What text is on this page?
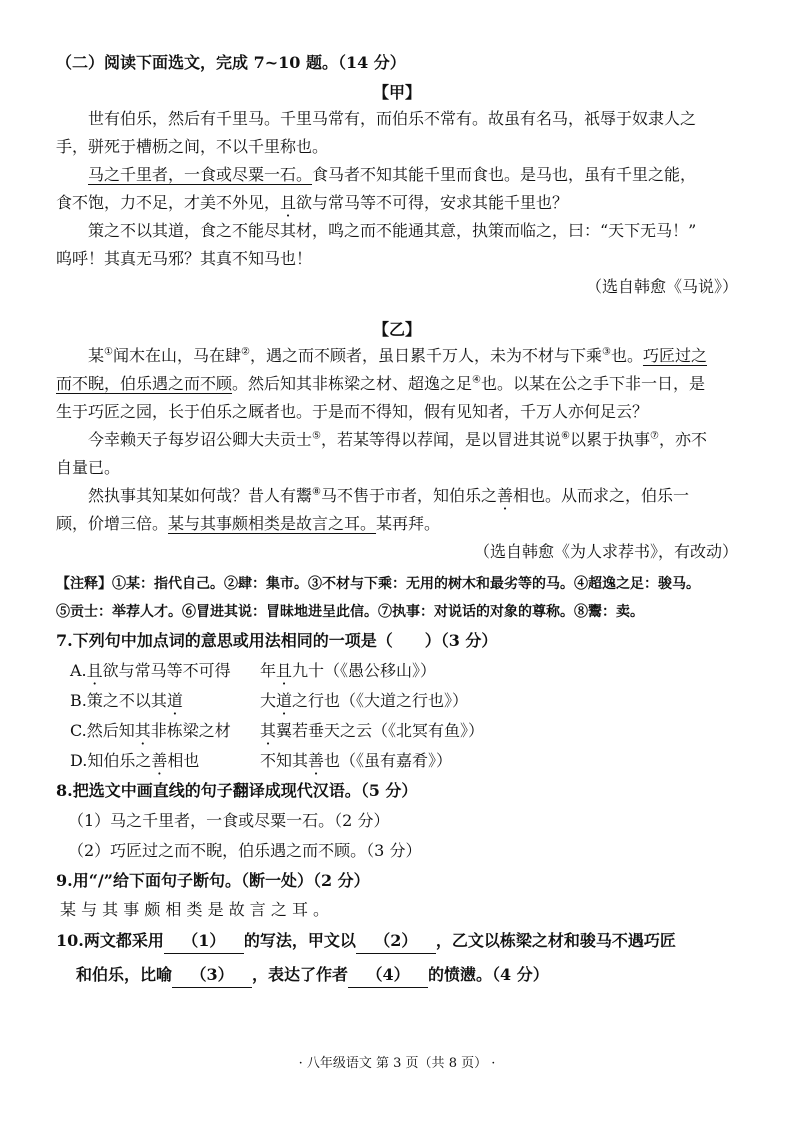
（二）阅读下面选文，完成 7~10 题。（14 分）
【甲】
世有伯乐，然后有千里马。千里马常有，而伯乐不常有。故虽有名马，祇辱于奴隶人之
手，骈死于槽枥之间，不以千里称也。
马之千里者，一食或尽粟一石。食马者不知其能千里而食也。是马也，虽有千里之能，
食不饱，力不足，才美不外见，且欲与常马等不可得，安求其能千里也？
策之不以其道，食之不能尽其材，鸣之而不能通其意，执策而临之，曰：“天下无马！”
呜呼！其真无马邪？其真不知马也！
（选自韩愈《马说》）
【乙】
某①闻木在山，马在肆②，遇之而不顾者，虽日累千万人，未为不材与下乘③也。巧匠过之
而不睨，伯乐遇之而不顾。然后知其非栋梁之材、超逸之足④也。以某在公之手下非一日，是
生于巧匠之园，长于伯乐之厩者也。于是而不得知，假有见知者，千万人亦何足云？
今幸赖天子每岁诏公卿大夫贡士⑤，若某等得以荐闻，是以冒进其说⑥以累于执事⑦，亦不
自量已。
然执事其知某如何哉？昔人有鬻⑧马不售于市者，知伯乐之善相也。从而求之，伯乐一
顾，价增三倍。某与其事颇相类是故言之耳。某再拜。
（选自韩愈《为人求荐书》，有改动）
【注释】①某：指代自己。②肆：集市。③不材与下乘：无用的树木和最劣等的马。④超逸之足：骏马。
⑤贡士：举荐人才。⑥冒进其说：冒昧地进呈此信。⑦执事：对说话的对象的尊称。⑧鬻：卖。
7.下列句中加点词的意思或用法相同的一项是（　　）（3 分）
A.且欲与常马等不可得	年且九十（《愚公移山》）
B.策之不以其道	大道之行也（《大道之行也》）
C.然后知其非栋梁之材	其翼若垂天之云（《北冥有鱼》）
D.知伯乐之善相也	不知其善也（《虽有嘉肴》）
8.把选文中画直线的句子翻译成现代汉语。（5 分）
（1）马之千里者，一食或尽粟一石。（2 分）
（2）巧匠过之而不睨，伯乐遇之而不顾。（3 分）
9.用“/”给下面句子断句。（断一处）（2 分）
某 与 其 事 颇 相 类 是 故 言 之 耳 。
10.两文都采用 （1） 的写法，甲文以 （2） ，乙文以栋梁之材和骏马不遇巧匠
和伯乐，比喻 （3） ，表达了作者 （4） 的愤懑。（4 分）
· 八年级语文 第 3 页（共 8 页） ·
